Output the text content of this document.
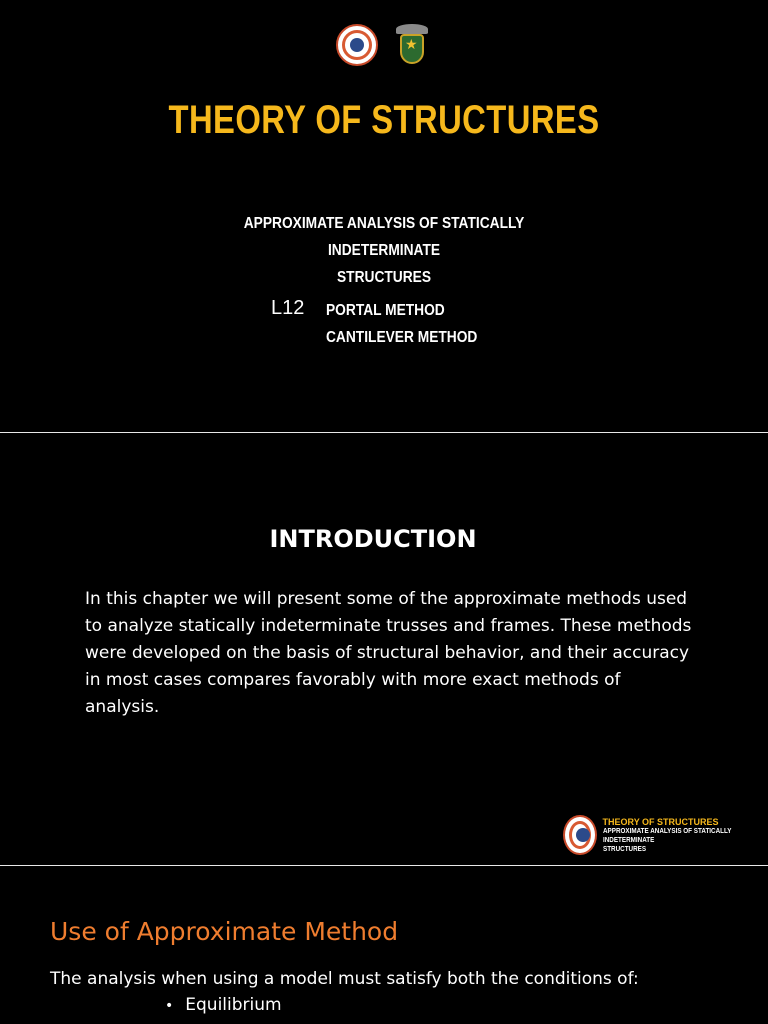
★
THEORY OF STRUCTURES
APPROXIMATE ANALYSIS OF STATICALLY INDETERMINATE
STRUCTURES
L12 PORTAL METHOD
CANTILEVER METHOD
INTRODUCTION
In this chapter we will present some of the approximate methods used to analyze statically indeterminate trusses and frames. These methods were developed on the basis of structural behavior, and their accuracy in most cases compares favorably with more exact methods of analysis.
THEORY OF STRUCTURES
APPROXIMATE ANALYSIS OF STATICALLY INDETERMINATE
STRUCTURES
Use of Approximate Method
The analysis when using a model must satisfy both the conditions of:
• Equilibrium
